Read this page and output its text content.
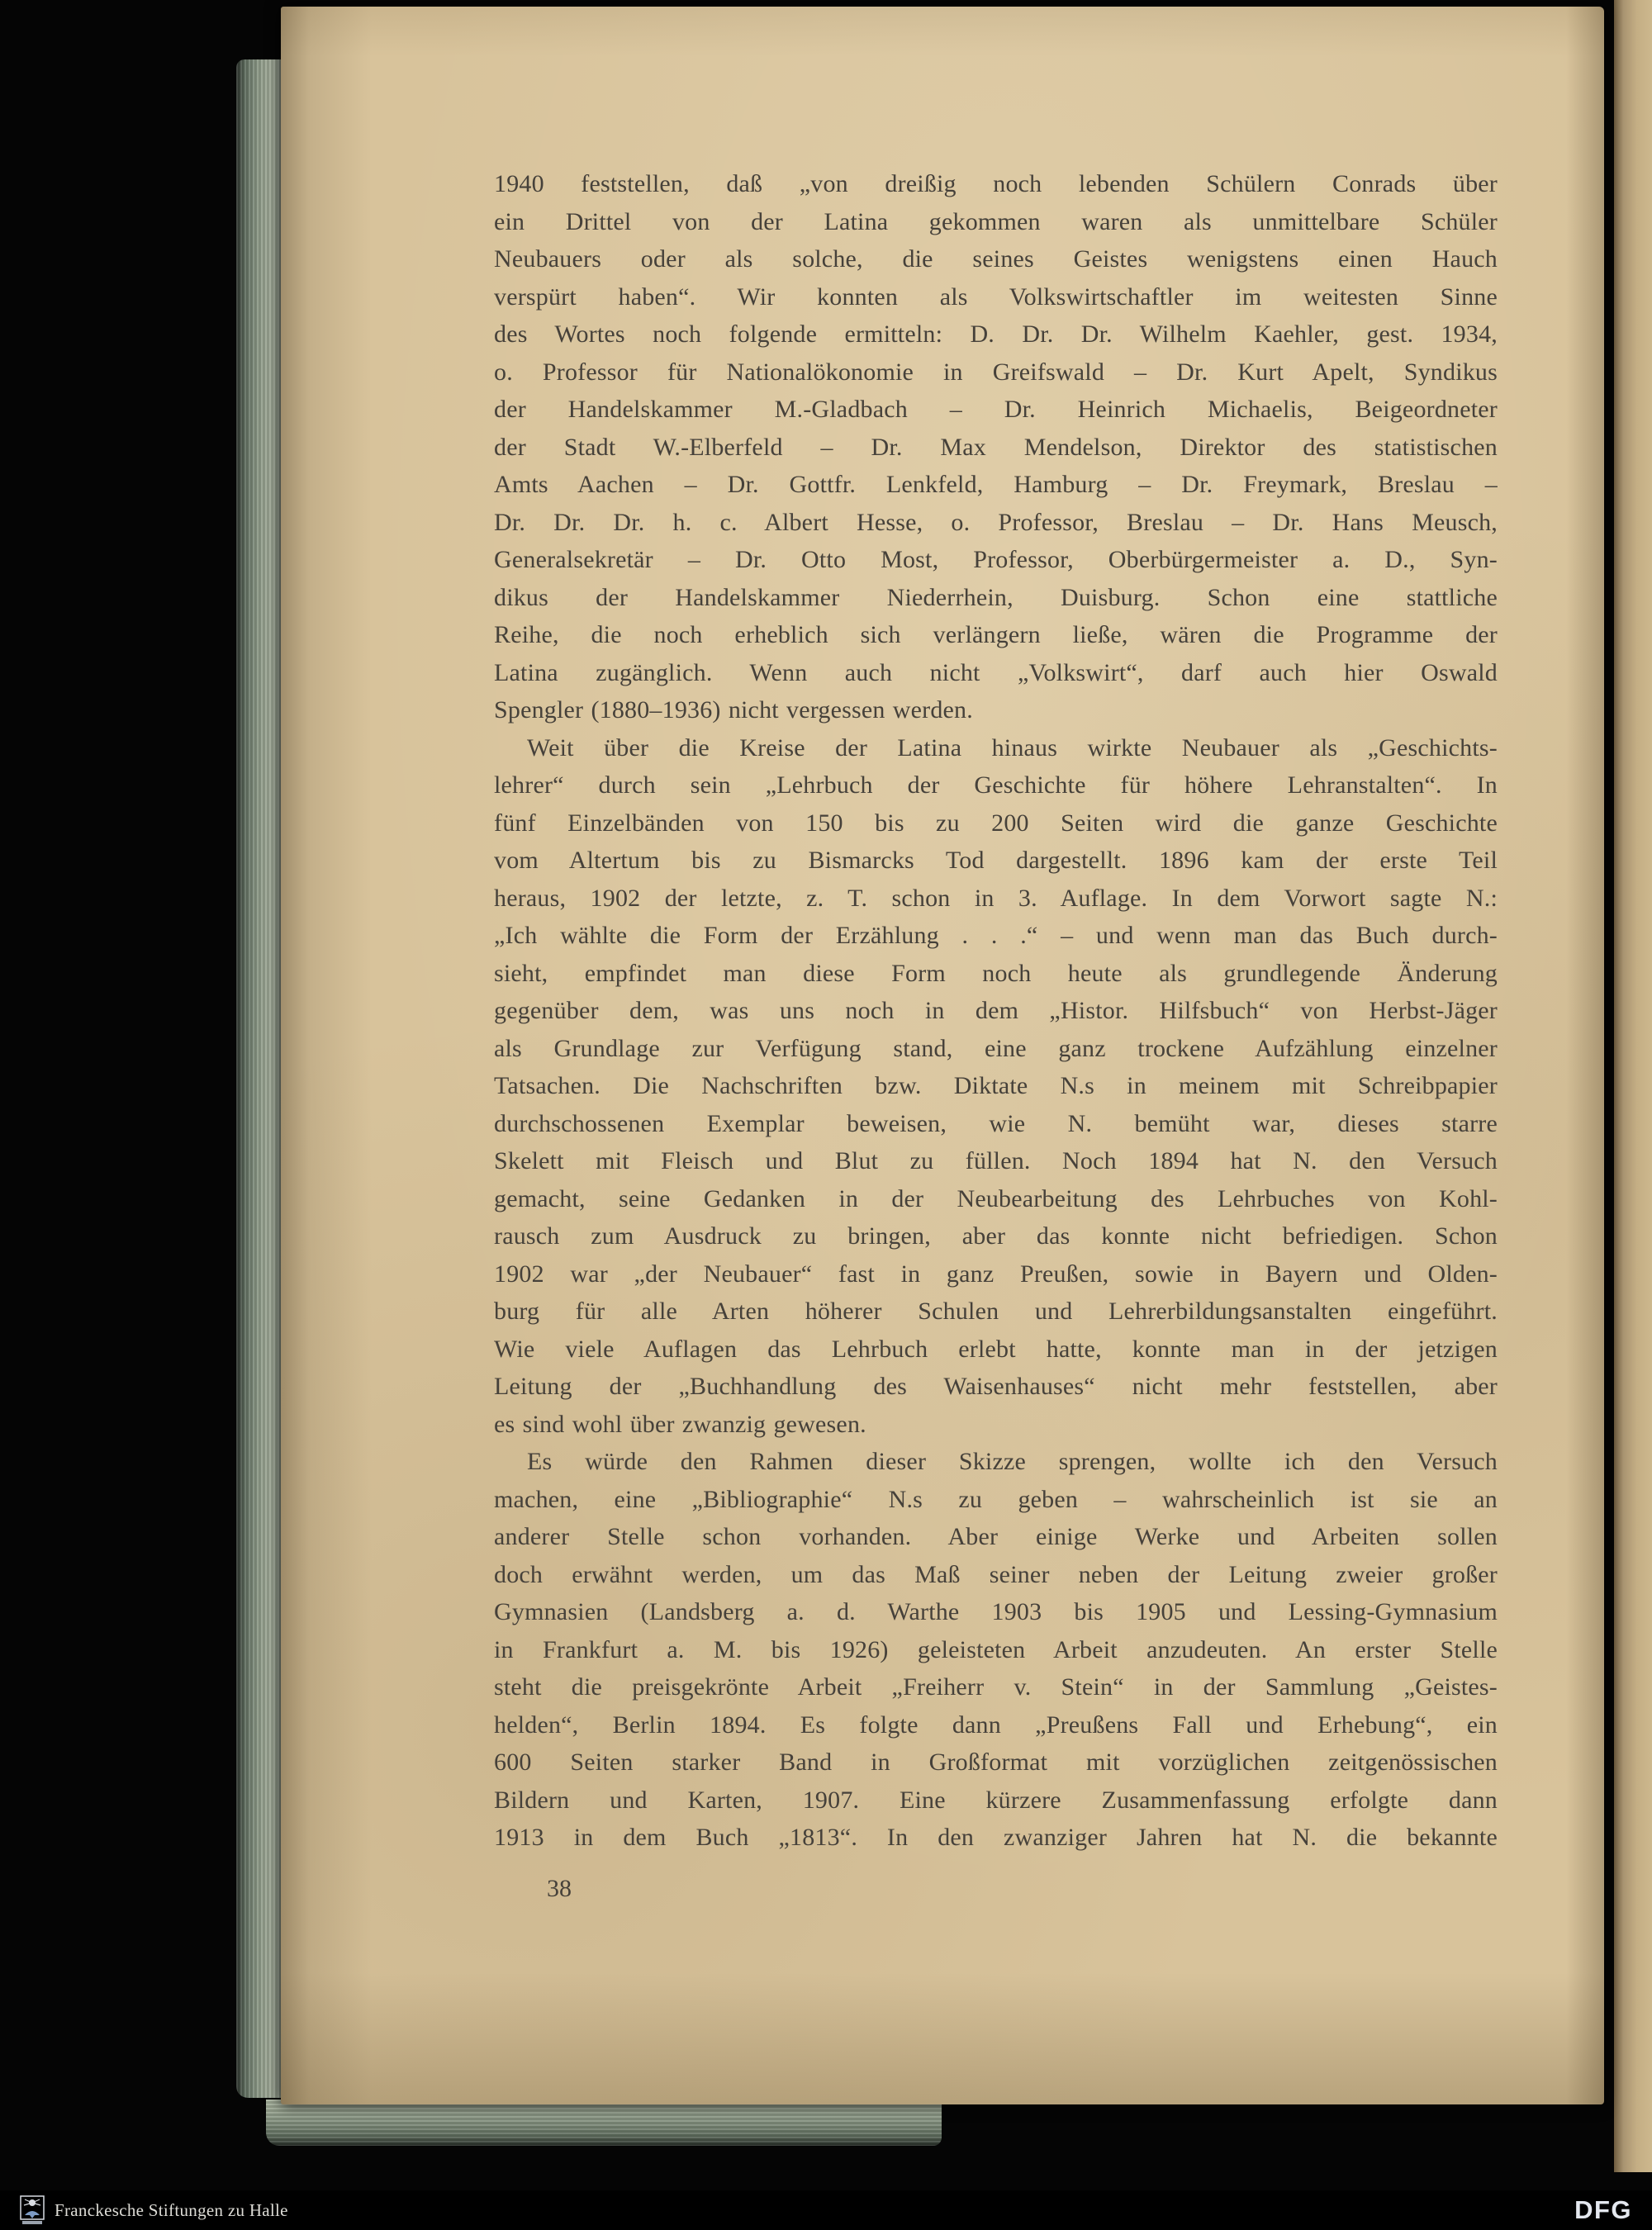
1940 feststellen, daß „von dreißig noch lebenden Schülern Conrads über
ein Drittel von der Latina gekommen waren als unmittelbare Schüler
Neubauers oder als solche, die seines Geistes wenigstens einen Hauch
verspürt haben“. Wir konnten als Volkswirtschaftler im weitesten Sinne
des Wortes noch folgende ermitteln: D. Dr. Dr. Wilhelm Kaehler, gest. 1934,
o. Professor für Nationalökonomie in Greifswald – Dr. Kurt Apelt, Syndikus
der Handelskammer M.-Gladbach – Dr. Heinrich Michaelis, Beigeordneter
der Stadt W.-Elberfeld – Dr. Max Mendelson, Direktor des statistischen
Amts Aachen – Dr. Gottfr. Lenkfeld, Hamburg – Dr. Freymark, Breslau –
Dr. Dr. Dr. h. c. Albert Hesse, o. Professor, Breslau – Dr. Hans Meusch,
Generalsekretär – Dr. Otto Most, Professor, Oberbürgermeister a. D., Syn-
dikus der Handelskammer Niederrhein, Duisburg. Schon eine stattliche
Reihe, die noch erheblich sich verlängern ließe, wären die Programme der
Latina zugänglich. Wenn auch nicht „Volkswirt“, darf auch hier Oswald
Spengler (1880–1936) nicht vergessen werden.
Weit über die Kreise der Latina hinaus wirkte Neubauer als „Geschichts-
lehrer“ durch sein „Lehrbuch der Geschichte für höhere Lehranstalten“. In
fünf Einzelbänden von 150 bis zu 200 Seiten wird die ganze Geschichte
vom Altertum bis zu Bismarcks Tod dargestellt. 1896 kam der erste Teil
heraus, 1902 der letzte, z. T. schon in 3. Auflage. In dem Vorwort sagte N.:
„Ich wählte die Form der Erzählung . . .“ – und wenn man das Buch durch-
sieht, empfindet man diese Form noch heute als grundlegende Änderung
gegenüber dem, was uns noch in dem „Histor. Hilfsbuch“ von Herbst-Jäger
als Grundlage zur Verfügung stand, eine ganz trockene Aufzählung einzelner
Tatsachen. Die Nachschriften bzw. Diktate N.s in meinem mit Schreibpapier
durchschossenen Exemplar beweisen, wie N. bemüht war, dieses starre
Skelett mit Fleisch und Blut zu füllen. Noch 1894 hat N. den Versuch
gemacht, seine Gedanken in der Neubearbeitung des Lehrbuches von Kohl-
rausch zum Ausdruck zu bringen, aber das konnte nicht befriedigen. Schon
1902 war „der Neubauer“ fast in ganz Preußen, sowie in Bayern und Olden-
burg für alle Arten höherer Schulen und Lehrerbildungsanstalten eingeführt.
Wie viele Auflagen das Lehrbuch erlebt hatte, konnte man in der jetzigen
Leitung der „Buchhandlung des Waisenhauses“ nicht mehr feststellen, aber
es sind wohl über zwanzig gewesen.
Es würde den Rahmen dieser Skizze sprengen, wollte ich den Versuch
machen, eine „Bibliographie“ N.s zu geben – wahrscheinlich ist sie an
anderer Stelle schon vorhanden. Aber einige Werke und Arbeiten sollen
doch erwähnt werden, um das Maß seiner neben der Leitung zweier großer
Gymnasien (Landsberg a. d. Warthe 1903 bis 1905 und Lessing-Gymnasium
in Frankfurt a. M. bis 1926) geleisteten Arbeit anzudeuten. An erster Stelle
steht die preisgekrönte Arbeit „Freiherr v. Stein“ in der Sammlung „Geistes-
helden“, Berlin 1894. Es folgte dann „Preußens Fall und Erhebung“, ein
600 Seiten starker Band in Großformat mit vorzüglichen zeitgenössischen
Bildern und Karten, 1907. Eine kürzere Zusammenfassung erfolgte dann
1913 in dem Buch „1813“. In den zwanziger Jahren hat N. die bekannte
38
Franckesche Stiftungen zu Halle	DFG
